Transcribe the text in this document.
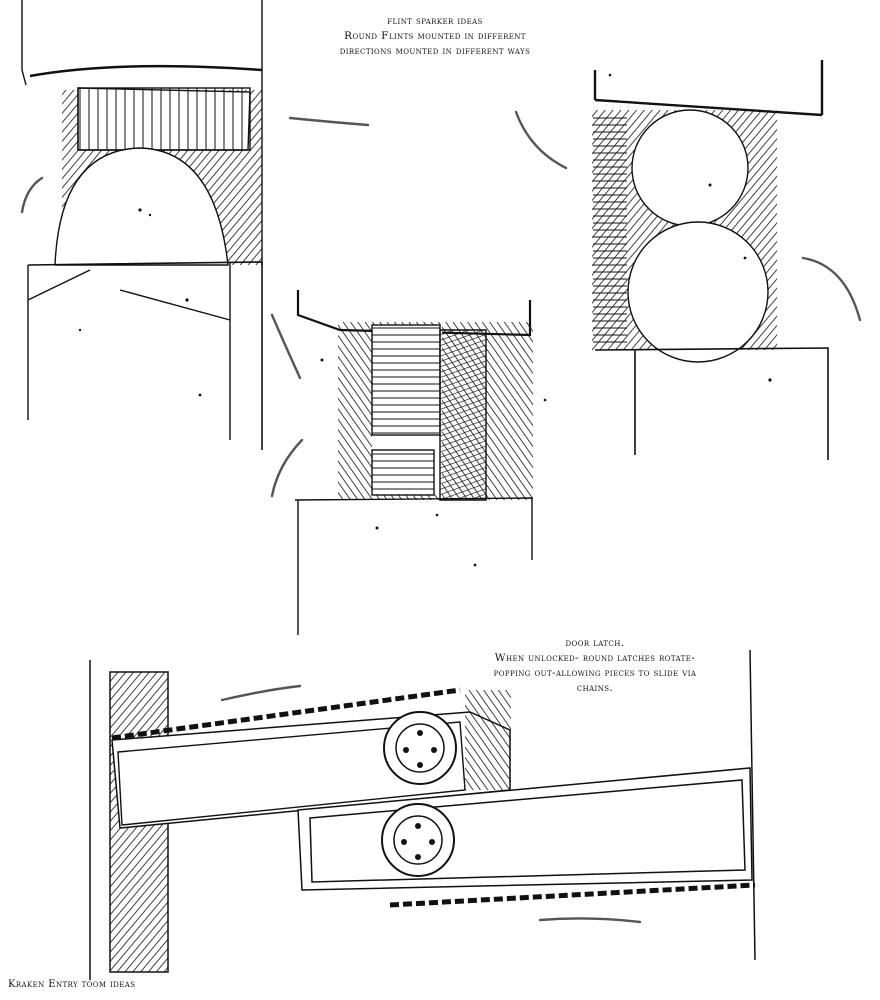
flint sparker ideas
Round Flints mounted in different
directions mounted in different ways
door latch.
When unlocked- round latches rotate-
popping out-allowing pieces to slide via
chains.
Kraken Entry toom ideas
